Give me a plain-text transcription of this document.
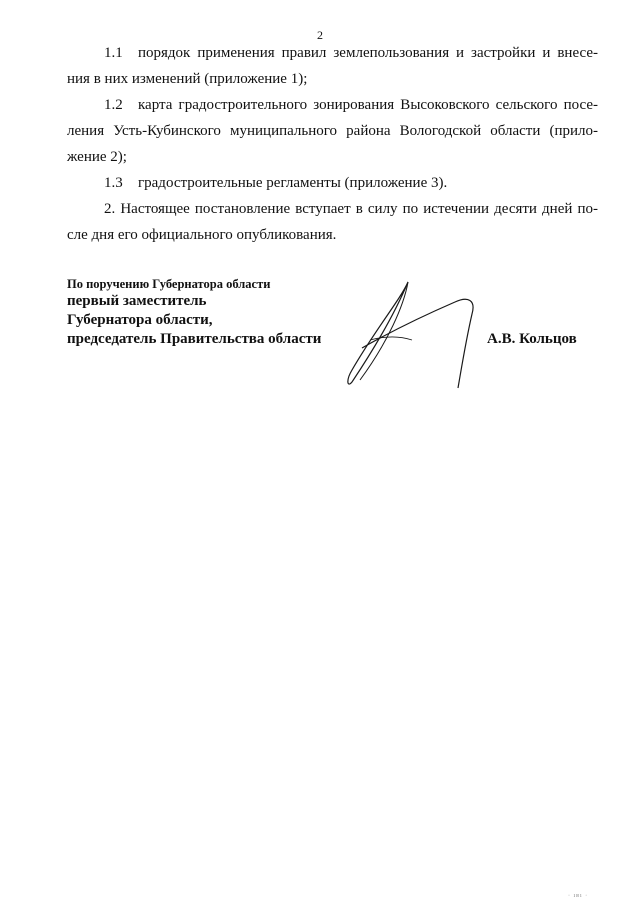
2
1.1 порядок применения правил землепользования и застройки и внесе-
ния в них изменений (приложение 1);
1.2 карта градостроительного зонирования Высоковского сельского посе-
ления Усть-Кубинского муниципального района Вологодской области (прило-
жение 2);
1.3 градостроительные регламенты (приложение 3).
2. Настоящее постановление вступает в силу по истечении десяти дней по-
сле дня его официального опубликования.
По поручению Губернатора области
первый заместитель
Губернатора области,
председатель Правительства области	А.В. Кольцов
· ıвı ·
